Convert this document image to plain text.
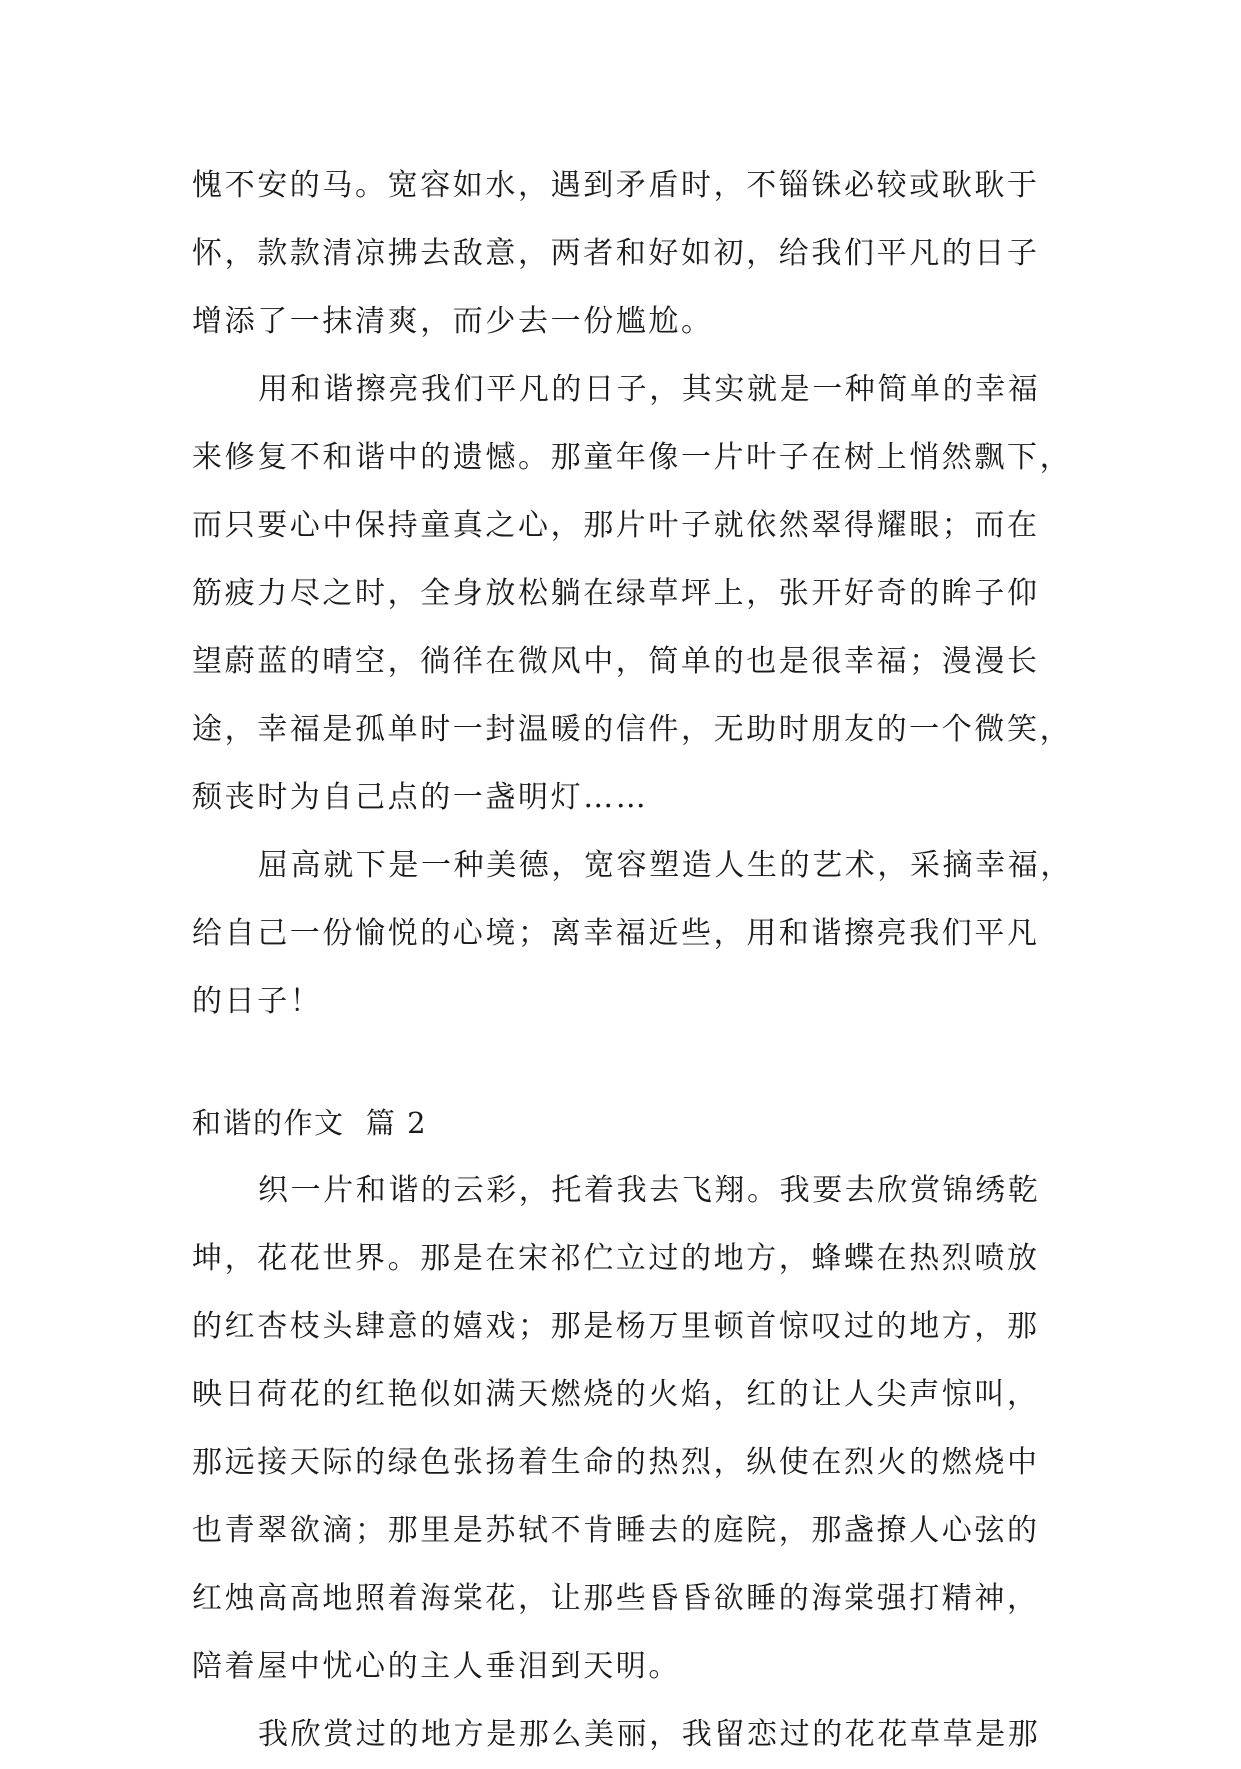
愧不安的马。宽容如水，遇到矛盾时，不锱铢必较或耿耿于
怀，款款清凉拂去敌意，两者和好如初，给我们平凡的日子
增添了一抹清爽，而少去一份尴尬。
用和谐擦亮我们平凡的日子，其实就是一种简单的幸福
来修复不和谐中的遗憾。那童年像一片叶子在树上悄然飘下，
而只要心中保持童真之心，那片叶子就依然翠得耀眼；而在
筋疲力尽之时，全身放松躺在绿草坪上，张开好奇的眸子仰
望蔚蓝的晴空，徜徉在微风中，简单的也是很幸福；漫漫长
途，幸福是孤单时一封温暖的信件，无助时朋友的一个微笑，
颓丧时为自己点的一盏明灯……
屈高就下是一种美德，宽容塑造人生的艺术，采摘幸福，
给自己一份愉悦的心境；离幸福近些，用和谐擦亮我们平凡
的日子！
和谐的作文  篇 2
织一片和谐的云彩，托着我去飞翔。我要去欣赏锦绣乾
坤，花花世界。那是在宋祁伫立过的地方，蜂蝶在热烈喷放
的红杏枝头肆意的嬉戏；那是杨万里顿首惊叹过的地方，那
映日荷花的红艳似如满天燃烧的火焰，红的让人尖声惊叫，
那远接天际的绿色张扬着生命的热烈，纵使在烈火的燃烧中
也青翠欲滴；那里是苏轼不肯睡去的庭院，那盏撩人心弦的
红烛高高地照着海棠花，让那些昏昏欲睡的海棠强打精神，
陪着屋中忧心的主人垂泪到天明。
我欣赏过的地方是那么美丽，我留恋过的花花草草是那
